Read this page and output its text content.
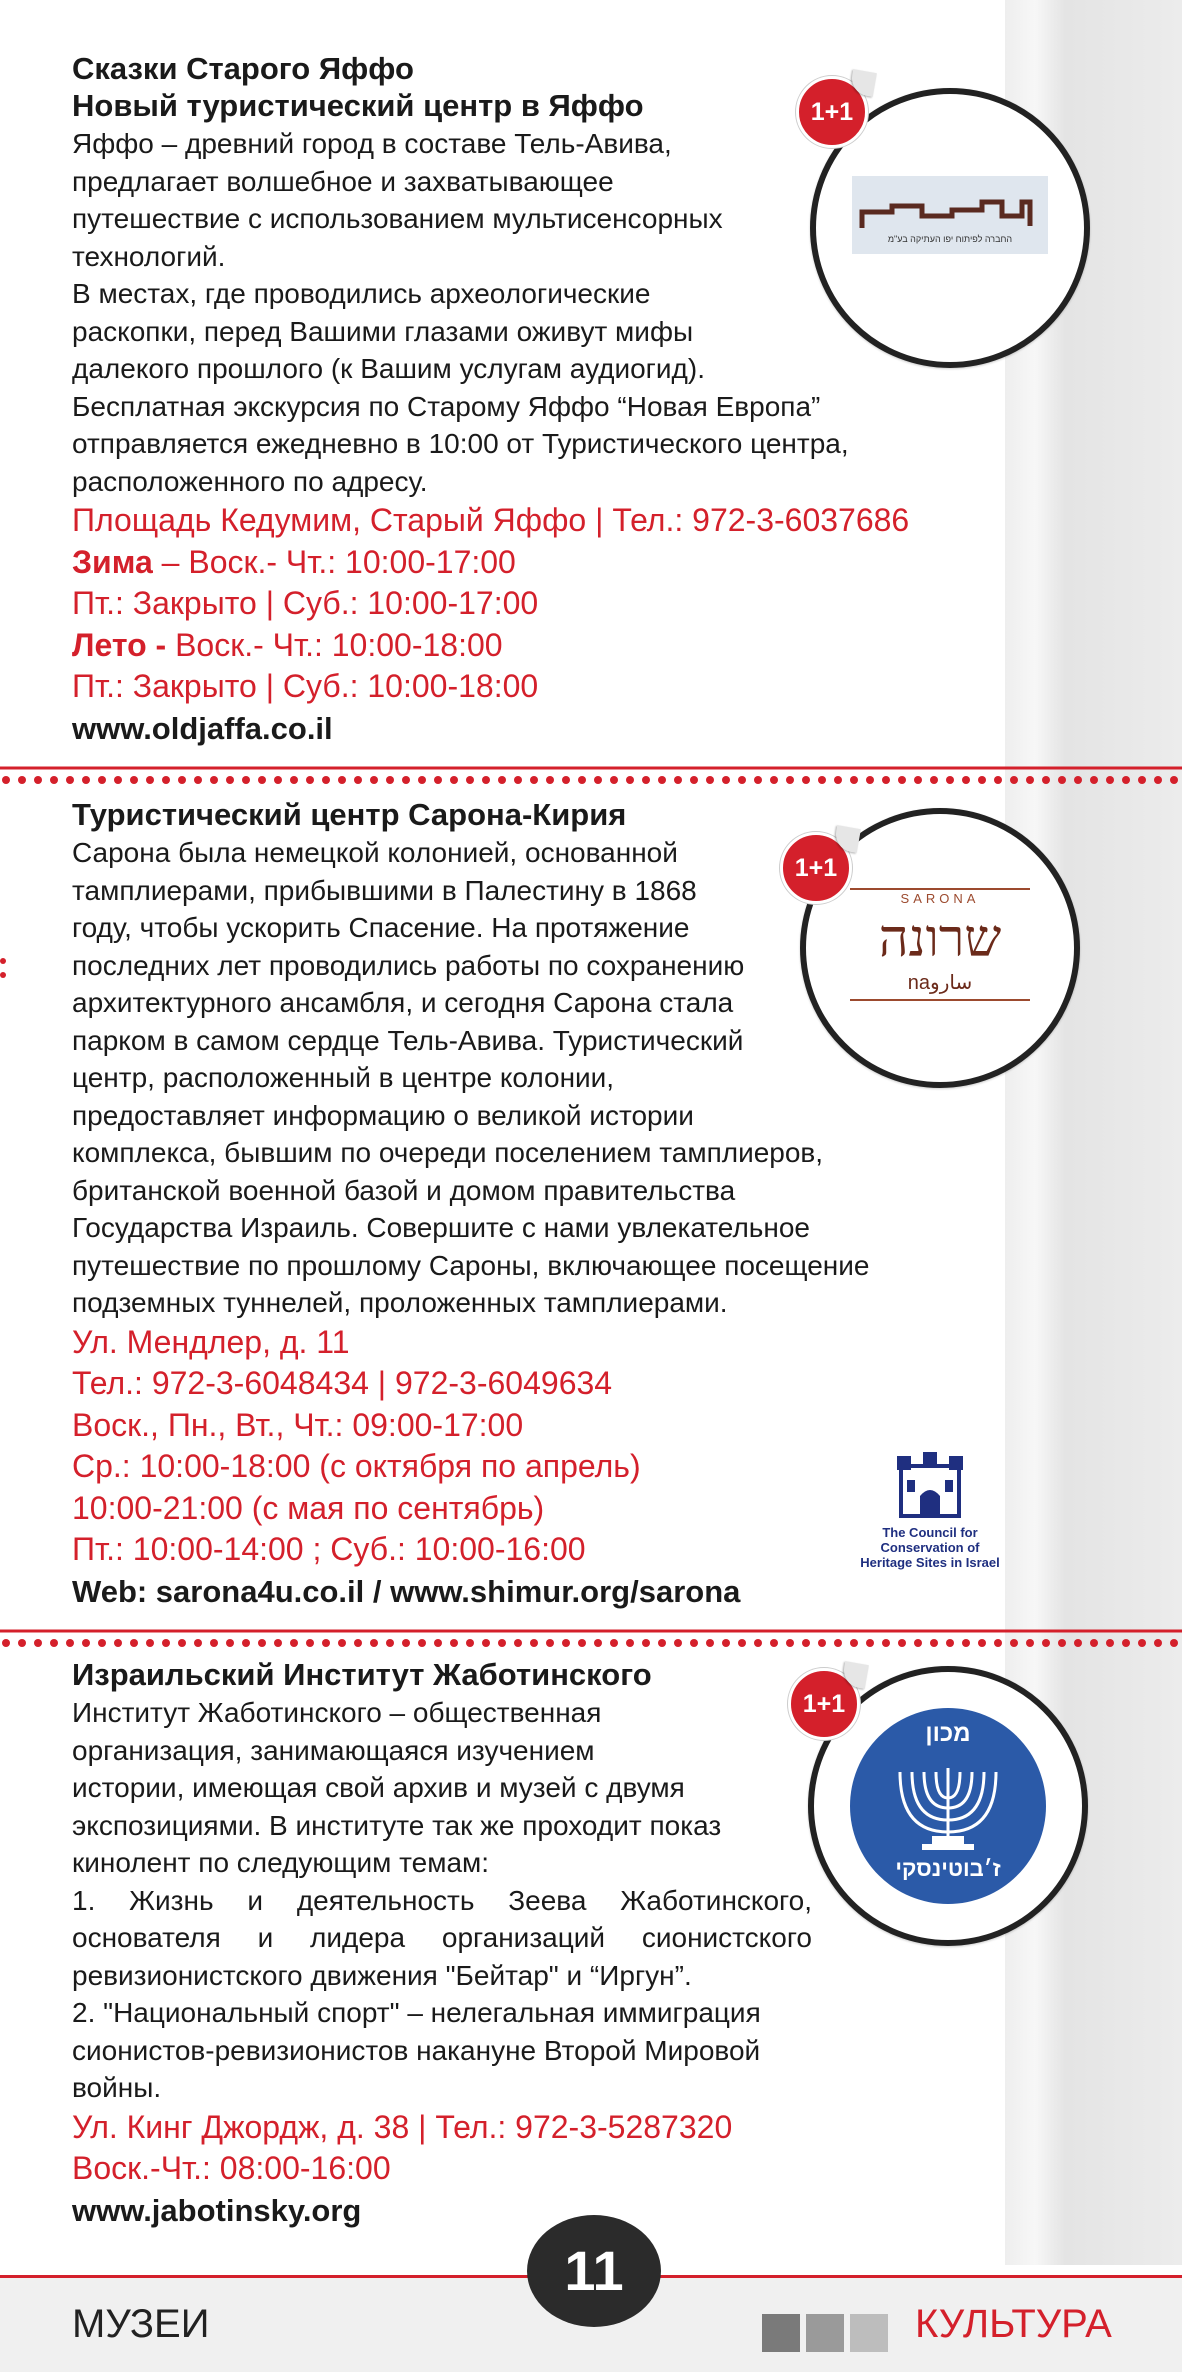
Сказки Старого Яффо

Новый туристический центр в Яффо

Яффо – древний город в составе Тель-Авива,

предлагает волшебное и захватывающее

путешествие с использованием мультисенсорных

технологий.

В местах, где проводились археологические

раскопки, перед Вашими глазами оживут мифы

далекого прошлого (к Вашим услугам аудиогид).

Бесплатная экскурсия по Старому Яффо “Новая Европа”

отправляется ежедневно в 10:00 от Туристического центра,

расположенного по адресу.

Площадь Кедумим, Старый Яффо | Тел.: 972-3-6037686

Зима – Воск.- Чт.: 10:00-17:00

Пт.: Закрыто | Суб.: 10:00-17:00

Лето - Воск.- Чт.: 10:00-18:00

Пт.: Закрыто | Суб.: 10:00-18:00

www.oldjaffa.co.il

החברה לפיתוח יפו העתיקה בע"מ
1+1

Туристический центр Сарона-Кирия

Сарона была немецкой колонией, основанной

тамплиерами, прибывшими в Палестину в 1868

году, чтобы ускорить Спасение. На протяжение

последних лет проводились работы по сохранению

архитектурного ансамбля, и сегодня Сарона стала

парком в самом сердце Тель-Авива. Туристический

центр, расположенный в центре колонии,

предоставляет информацию о великой истории

комплекса, бывшим по очереди поселением тамплиеров,

британской военной базой и домом правительства

Государства Израиль. Совершите с нами увлекательное

путешествие по прошлому Сароны, включающее посещение

подземных туннелей, проложенных тамплиерами.

Ул. Мендлер, д. 11

Тел.: 972-3-6048434 | 972-3-6049634

Воск., Пн., Вт., Чт.: 09:00-17:00

Ср.: 10:00-18:00 (с октября по апрель)

10:00-21:00 (с мая по сентябрь)

Пт.: 10:00-14:00 ; Суб.: 10:00-16:00

Web: sarona4u.co.il / www.shimur.org/sarona

SARONA
שרונה
ساروna
1+1
The Council for
Conservation of
Heritage Sites in Israel

Израильский Институт Жаботинского

Институт Жаботинского – общественная

организация, занимающаяся изучением

истории, имеющая свой архив и музей с двумя

экспозициями. В институте так же проходит показ

кинолент по следующим темам:

1. Жизнь и деятельность Зеева Жаботинского,

основателя и лидера организаций сионистского

ревизионистского движения "Бейтар" и “Иргун”.

2. "Национальный спорт" – нелегальная иммиграция

сионистов-ревизионистов накануне Второй Мировой

войны.

Ул. Кинг Джордж, д. 38 | Тел.: 972-3-5287320

Воск.-Чт.: 08:00-16:00

www.jabotinsky.org

מכון
ז׳בוטינסקי
1+1
11
МУЗЕИ	КУЛЬТУРА
